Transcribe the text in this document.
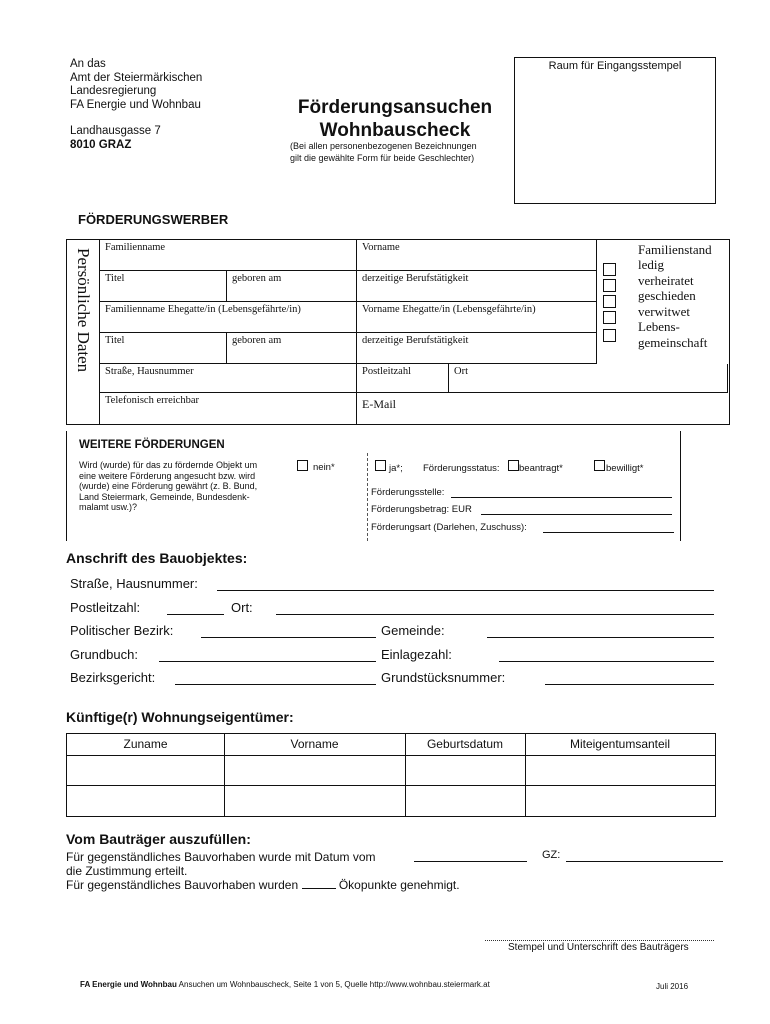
An das
Amt der Steiermärkischen
Landesregierung
FA Energie und Wohnbau
Landhausgasse 7
8010 GRAZ
Förderungsansuchen
Wohnbauscheck
(Bei allen personenbezogenen Bezeichnungen
gilt die gewählte Form für beide Geschlechter)
Raum für Eingangsstempel
FÖRDERUNGSWERBER
Persönliche Daten
Familienname	Vorname
Titel	geboren am	derzeitige Berufstätigkeit
Familienname Ehegatte/in (Lebensgefährte/in)	Vorname Ehegatte/in (Lebensgefährte/in)
Titel	geboren am	derzeitige Berufstätigkeit
Straße, Hausnummer	Postleitzahl	Ort
Telefonisch erreichbar	E-Mail
Familienstand
ledig
verheiratet
geschieden
verwitwet
Lebens-
gemeinschaft
WEITERE FÖRDERUNGEN
Wird (wurde) für das zu fördernde Objekt um
eine weitere Förderung angesucht bzw. wird
(wurde) eine Förderung gewährt (z. B. Bund,
Land Steiermark, Gemeinde, Bundesdenk-
malamt usw.)?
nein*	ja*; Förderungsstatus: beantragt*	bewilligt*
Förderungsstelle:
Förderungsbetrag: EUR
Förderungsart (Darlehen, Zuschuss):
Anschrift des Bauobjektes:
Straße, Hausnummer:
Postleitzahl:	Ort:
Politischer Bezirk:	Gemeinde:
Grundbuch:	Einlagezahl:
Bezirksgericht:	Grundstücksnummer:
Künftige(r) Wohnungseigentümer:
Zuname	Vorname	Geburtsdatum	Miteigentumsanteil
Vom Bauträger auszufüllen:
Für gegenständliches Bauvorhaben wurde mit Datum vom	GZ:
die Zustimmung erteilt.
Für gegenständliches Bauvorhaben wurden	Ökopunkte genehmigt.
Stempel und Unterschrift des Bauträgers
FA Energie und Wohnbau Ansuchen um Wohnbauscheck, Seite 1 von 5, Quelle http://www.wohnbau.steiermark.at	Juli 2016
